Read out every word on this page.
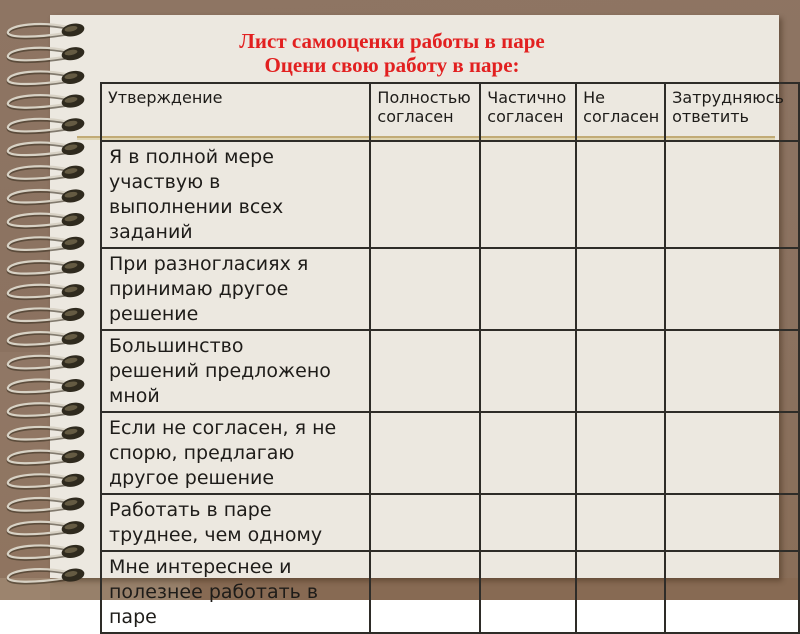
Лист самооценки работы в паре
Оцени свою работу в паре:
Утверждение	Полностью согласен	Частично согласен	Не согласен	Затрудняюсь ответить
Я в полной мере участвую в выполнении всех заданий				
При разногласиях я принимаю другое решение				
Большинство решений предложено мной				
Если не согласен, я не спорю, предлагаю другое решение				
Работать в паре труднее, чем одному				
Мне интереснее и полезнее работать в паре				
